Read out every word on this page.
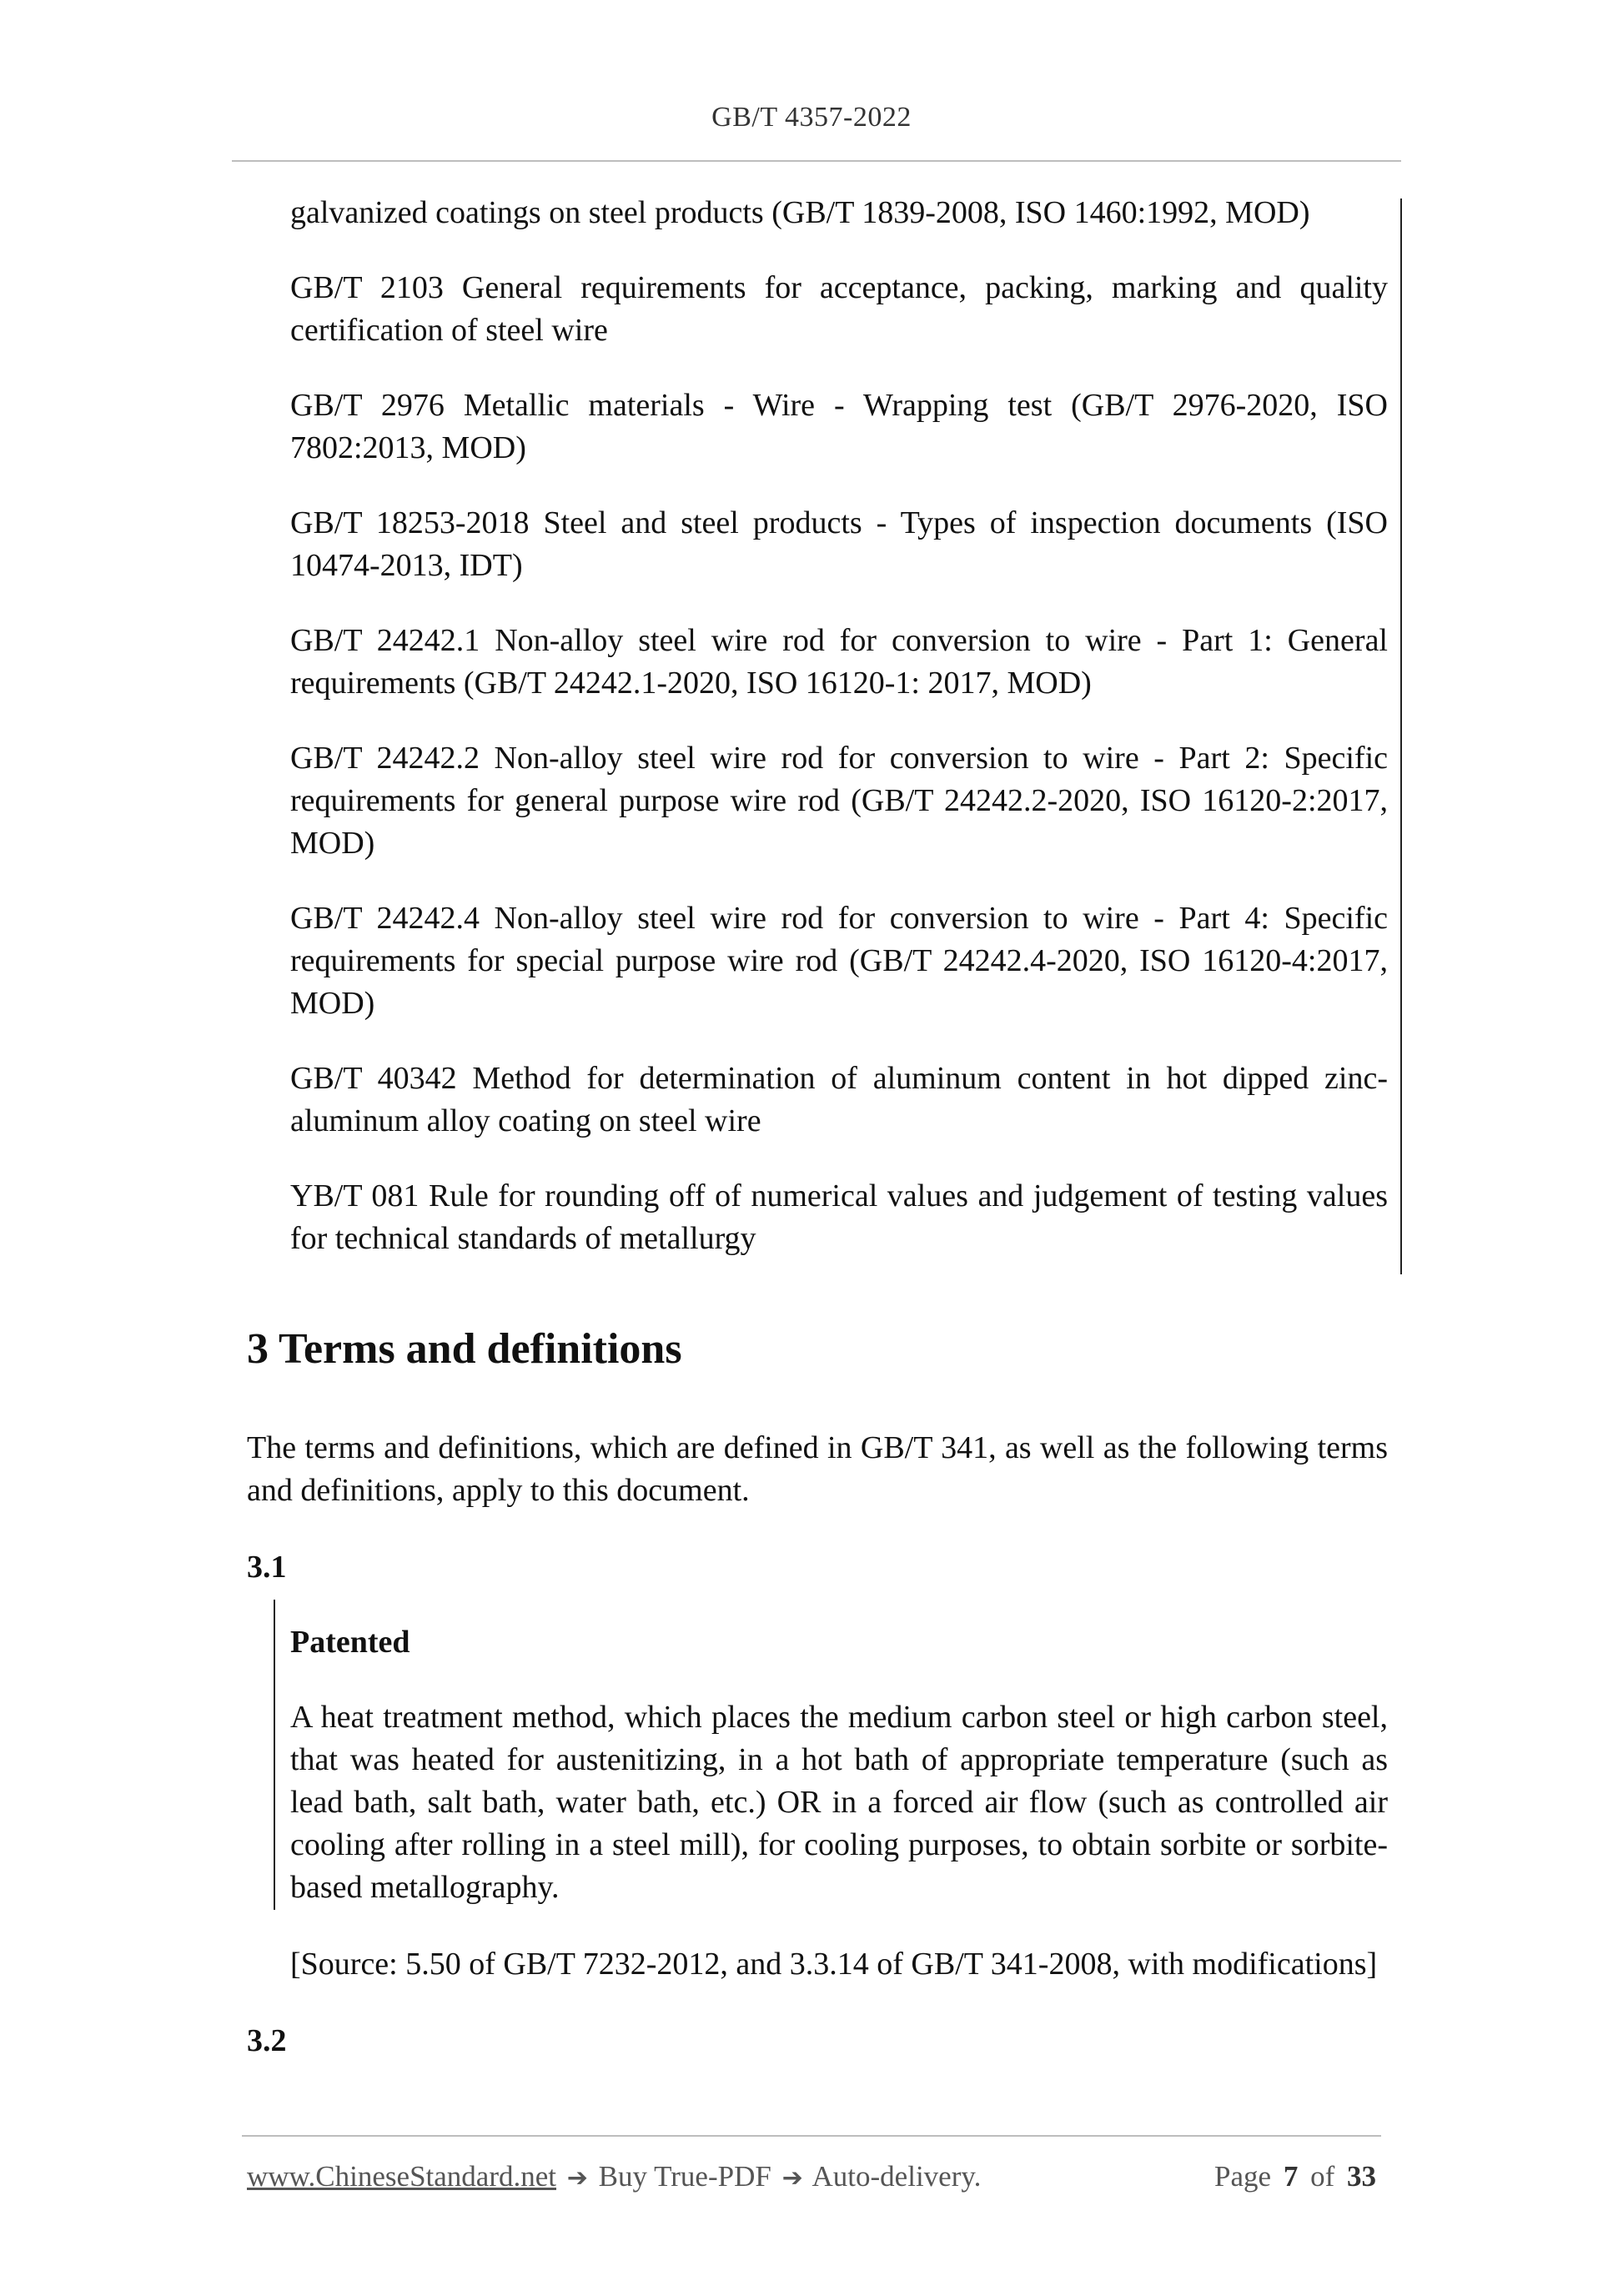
GB/T 4357-2022

galvanized coatings on steel products (GB/T 1839-2008, ISO 1460:1992, MOD)

GB/T 2103 General requirements for acceptance, packing, marking and quality certification of steel wire

GB/T 2976 Metallic materials - Wire - Wrapping test (GB/T 2976-2020, ISO 7802:2013, MOD)

GB/T 18253-2018 Steel and steel products - Types of inspection documents (ISO 10474-2013, IDT)

GB/T 24242.1 Non-alloy steel wire rod for conversion to wire - Part 1: General requirements (GB/T 24242.1-2020, ISO 16120-1: 2017, MOD)

GB/T 24242.2 Non-alloy steel wire rod for conversion to wire - Part 2: Specific requirements for general purpose wire rod (GB/T 24242.2-2020, ISO 16120-2:2017, MOD)

GB/T 24242.4 Non-alloy steel wire rod for conversion to wire - Part 4: Specific requirements for special purpose wire rod (GB/T 24242.4-2020, ISO 16120-4:2017, MOD)

GB/T 40342 Method for determination of aluminum content in hot dipped zinc-aluminum alloy coating on steel wire

YB/T 081 Rule for rounding off of numerical values and judgement of testing values for technical standards of metallurgy

3 Terms and definitions

The terms and definitions, which are defined in GB/T 341, as well as the following terms and definitions, apply to this document.

3.1

Patented

A heat treatment method, which places the medium carbon steel or high carbon steel, that was heated for austenitizing, in a hot bath of appropriate temperature (such as lead bath, salt bath, water bath, etc.) OR in a forced air flow (such as controlled air cooling after rolling in a steel mill), for cooling purposes, to obtain sorbite or sorbite-based metallography.

[Source: 5.50 of GB/T 7232-2012, and 3.3.14 of GB/T 341-2008, with modifications]

3.2

www.ChineseStandard.net ➔ Buy True-PDF ➔ Auto-delivery.	Page 7 of 33
